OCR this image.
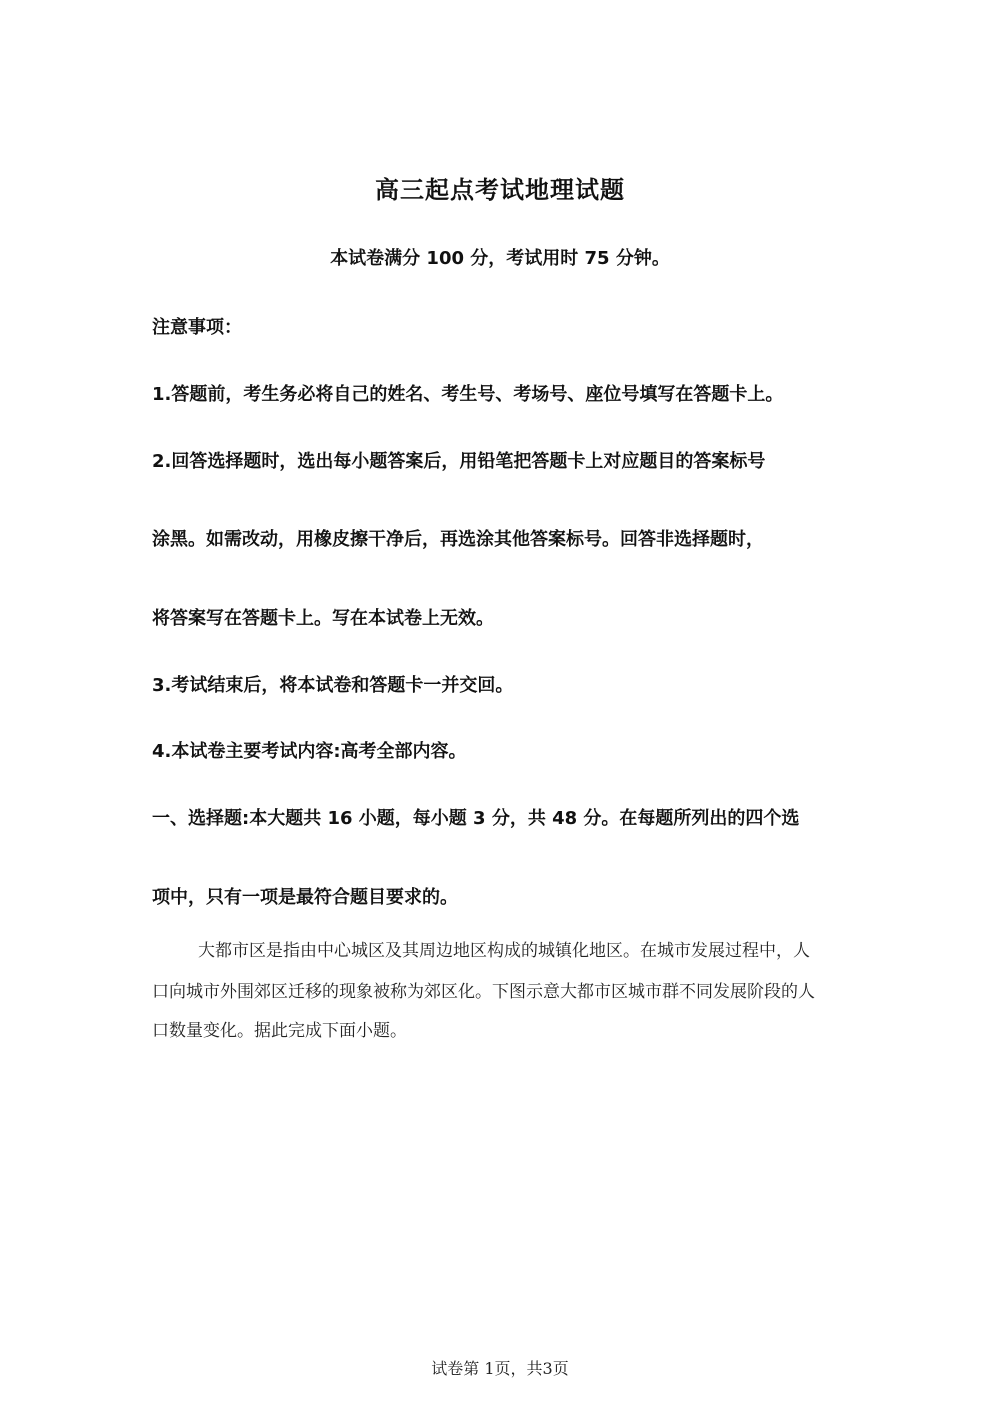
高三起点考试地理试题

本试卷满分 100 分，考试用时 75 分钟。

注意事项：

1.答题前，考生务必将自己的姓名、考生号、考场号、座位号填写在答题卡上。

2.回答选择题时，选出每小题答案后，用铅笔把答题卡上对应题目的答案标号

涂黑。如需改动，用橡皮擦干净后，再选涂其他答案标号。回答非选择题时，

将答案写在答题卡上。写在本试卷上无效。

3.考试结束后，将本试卷和答题卡一并交回。

4.本试卷主要考试内容:高考全部内容。

一、选择题:本大题共 16 小题，每小题 3 分，共 48 分。在每题所列出的四个选

项中，只有一项是最符合题目要求的。

大都市区是指由中心城区及其周边地区构成的城镇化地区。在城市发展过程中，人

口向城市外围郊区迁移的现象被称为郊区化。下图示意大都市区城市群不同发展阶段的人

口数量变化。据此完成下面小题。

试卷第 1页，共3页
